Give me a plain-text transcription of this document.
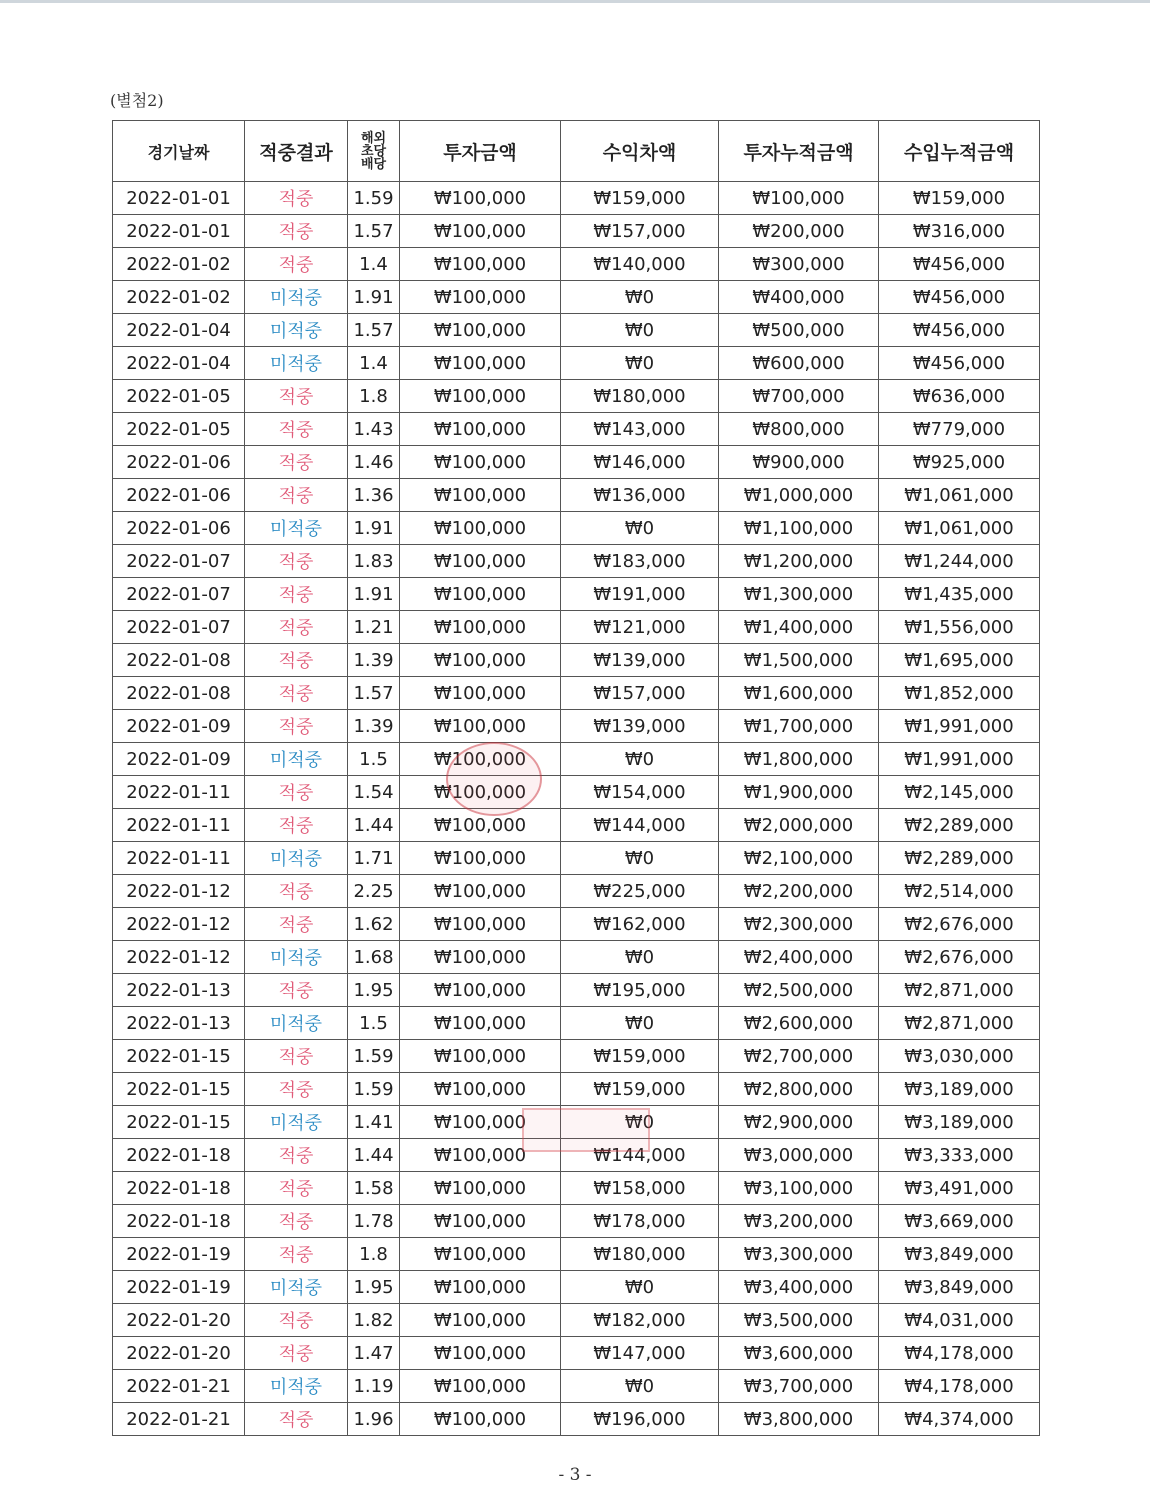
(별첨2)
경기날짜	적중결과	해외
초당
배당	투자금액	수익차액	투자누적금액	수입누적금액
2022-01-01	적중	1.59	₩100,000	₩159,000	₩100,000	₩159,000
2022-01-01	적중	1.57	₩100,000	₩157,000	₩200,000	₩316,000
2022-01-02	적중	1.4	₩100,000	₩140,000	₩300,000	₩456,000
2022-01-02	미적중	1.91	₩100,000	₩0	₩400,000	₩456,000
2022-01-04	미적중	1.57	₩100,000	₩0	₩500,000	₩456,000
2022-01-04	미적중	1.4	₩100,000	₩0	₩600,000	₩456,000
2022-01-05	적중	1.8	₩100,000	₩180,000	₩700,000	₩636,000
2022-01-05	적중	1.43	₩100,000	₩143,000	₩800,000	₩779,000
2022-01-06	적중	1.46	₩100,000	₩146,000	₩900,000	₩925,000
2022-01-06	적중	1.36	₩100,000	₩136,000	₩1,000,000	₩1,061,000
2022-01-06	미적중	1.91	₩100,000	₩0	₩1,100,000	₩1,061,000
2022-01-07	적중	1.83	₩100,000	₩183,000	₩1,200,000	₩1,244,000
2022-01-07	적중	1.91	₩100,000	₩191,000	₩1,300,000	₩1,435,000
2022-01-07	적중	1.21	₩100,000	₩121,000	₩1,400,000	₩1,556,000
2022-01-08	적중	1.39	₩100,000	₩139,000	₩1,500,000	₩1,695,000
2022-01-08	적중	1.57	₩100,000	₩157,000	₩1,600,000	₩1,852,000
2022-01-09	적중	1.39	₩100,000	₩139,000	₩1,700,000	₩1,991,000
2022-01-09	미적중	1.5	₩100,000	₩0	₩1,800,000	₩1,991,000
2022-01-11	적중	1.54	₩100,000	₩154,000	₩1,900,000	₩2,145,000
2022-01-11	적중	1.44	₩100,000	₩144,000	₩2,000,000	₩2,289,000
2022-01-11	미적중	1.71	₩100,000	₩0	₩2,100,000	₩2,289,000
2022-01-12	적중	2.25	₩100,000	₩225,000	₩2,200,000	₩2,514,000
2022-01-12	적중	1.62	₩100,000	₩162,000	₩2,300,000	₩2,676,000
2022-01-12	미적중	1.68	₩100,000	₩0	₩2,400,000	₩2,676,000
2022-01-13	적중	1.95	₩100,000	₩195,000	₩2,500,000	₩2,871,000
2022-01-13	미적중	1.5	₩100,000	₩0	₩2,600,000	₩2,871,000
2022-01-15	적중	1.59	₩100,000	₩159,000	₩2,700,000	₩3,030,000
2022-01-15	적중	1.59	₩100,000	₩159,000	₩2,800,000	₩3,189,000
2022-01-15	미적중	1.41	₩100,000	₩0	₩2,900,000	₩3,189,000
2022-01-18	적중	1.44	₩100,000	₩144,000	₩3,000,000	₩3,333,000
2022-01-18	적중	1.58	₩100,000	₩158,000	₩3,100,000	₩3,491,000
2022-01-18	적중	1.78	₩100,000	₩178,000	₩3,200,000	₩3,669,000
2022-01-19	적중	1.8	₩100,000	₩180,000	₩3,300,000	₩3,849,000
2022-01-19	미적중	1.95	₩100,000	₩0	₩3,400,000	₩3,849,000
2022-01-20	적중	1.82	₩100,000	₩182,000	₩3,500,000	₩4,031,000
2022-01-20	적중	1.47	₩100,000	₩147,000	₩3,600,000	₩4,178,000
2022-01-21	미적중	1.19	₩100,000	₩0	₩3,700,000	₩4,178,000
2022-01-21	적중	1.96	₩100,000	₩196,000	₩3,800,000	₩4,374,000
- 3 -
